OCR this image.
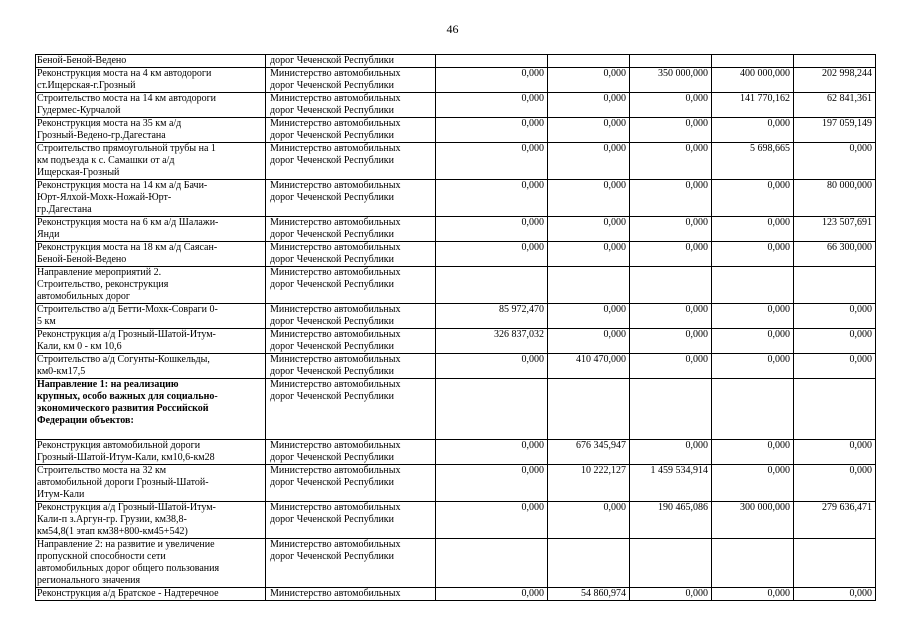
46
Беной-Беной-Ведено	дорог Чеченской Республики					
Реконструкция моста на 4 км автодороги
ст.Ищерская-г.Грозный	Министерство автомобильных
дорог Чеченской Республики	0,000	0,000	350 000,000	400 000,000	202 998,244
Строительство моста на 14 км автодороги
Гудермес-Курчалой	Министерство автомобильных
дорог Чеченской Республики	0,000	0,000	0,000	141 770,162	62 841,361
Реконструкция моста на 35 км а/д
Грозный-Ведено-гр.Дагестана	Министерство автомобильных
дорог Чеченской Республики	0,000	0,000	0,000	0,000	197 059,149
Строительство прямоугольной трубы на 1
км подъезда к с. Самашки от а/д
Ищерская-Грозный	Министерство автомобильных
дорог Чеченской Республики	0,000	0,000	0,000	5 698,665	0,000
Реконструкция моста на 14 км а/д Бачи-
Юрт-Ялхой-Мохк-Ножай-Юрт-
гр.Дагестана	Министерство автомобильных
дорог Чеченской Республики	0,000	0,000	0,000	0,000	80 000,000
Реконструкция моста на 6 км а/д Шалажи-
Янди	Министерство автомобильных
дорог Чеченской Республики	0,000	0,000	0,000	0,000	123 507,691
Реконструкция моста на 18 км а/д Саясан-
Беной-Беной-Ведено	Министерство автомобильных
дорог Чеченской Республики	0,000	0,000	0,000	0,000	66 300,000
Направление мероприятий 2.
Строительство, реконструкция
автомобильных дорог	Министерство автомобильных
дорог Чеченской Республики					
Строительство а/д Бетти-Мохк-Совраги 0-
5 км	Министерство автомобильных
дорог Чеченской Республики	85 972,470	0,000	0,000	0,000	0,000
Реконструкция а/д Грозный-Шатой-Итум-
Кали, км 0 - км 10,6	Министерство автомобильных
дорог Чеченской Республики	326 837,032	0,000	0,000	0,000	0,000
Строительство а/д Согунты-Кошкельды,
км0-км17,5	Министерство автомобильных
дорог Чеченской Республики	0,000	410 470,000	0,000	0,000	0,000
Направление 1: на реализацию
крупных, особо важных для социально-
экономического развития Российской
Федерации объектов:	Министерство автомобильных
дорог Чеченской Республики					
Реконструкция автомобильной дороги
Грозный-Шатой-Итум-Кали, км10,6-км28	Министерство автомобильных
дорог Чеченской Республики	0,000	676 345,947	0,000	0,000	0,000
Строительство моста на 32 км
автомобильной дороги Грозный-Шатой-
Итум-Кали	Министерство автомобильных
дорог Чеченской Республики	0,000	10 222,127	1 459 534,914	0,000	0,000
Реконструкция а/д Грозный-Шатой-Итум-
Кали-п з.Аргун-гр. Грузии, км38,8-
км54,8(1 этап км38+800-км45+542)	Министерство автомобильных
дорог Чеченской Республики	0,000	0,000	190 465,086	300 000,000	279 636,471
Направление 2: на развитие и увеличение
пропускной способности сети
автомобильных дорог общего пользования
регионального значения	Министерство автомобильных
дорог Чеченской Республики					
Реконструкция а/д Братское - Надтеречное	Министерство автомобильных	0,000	54 860,974	0,000	0,000	0,000
